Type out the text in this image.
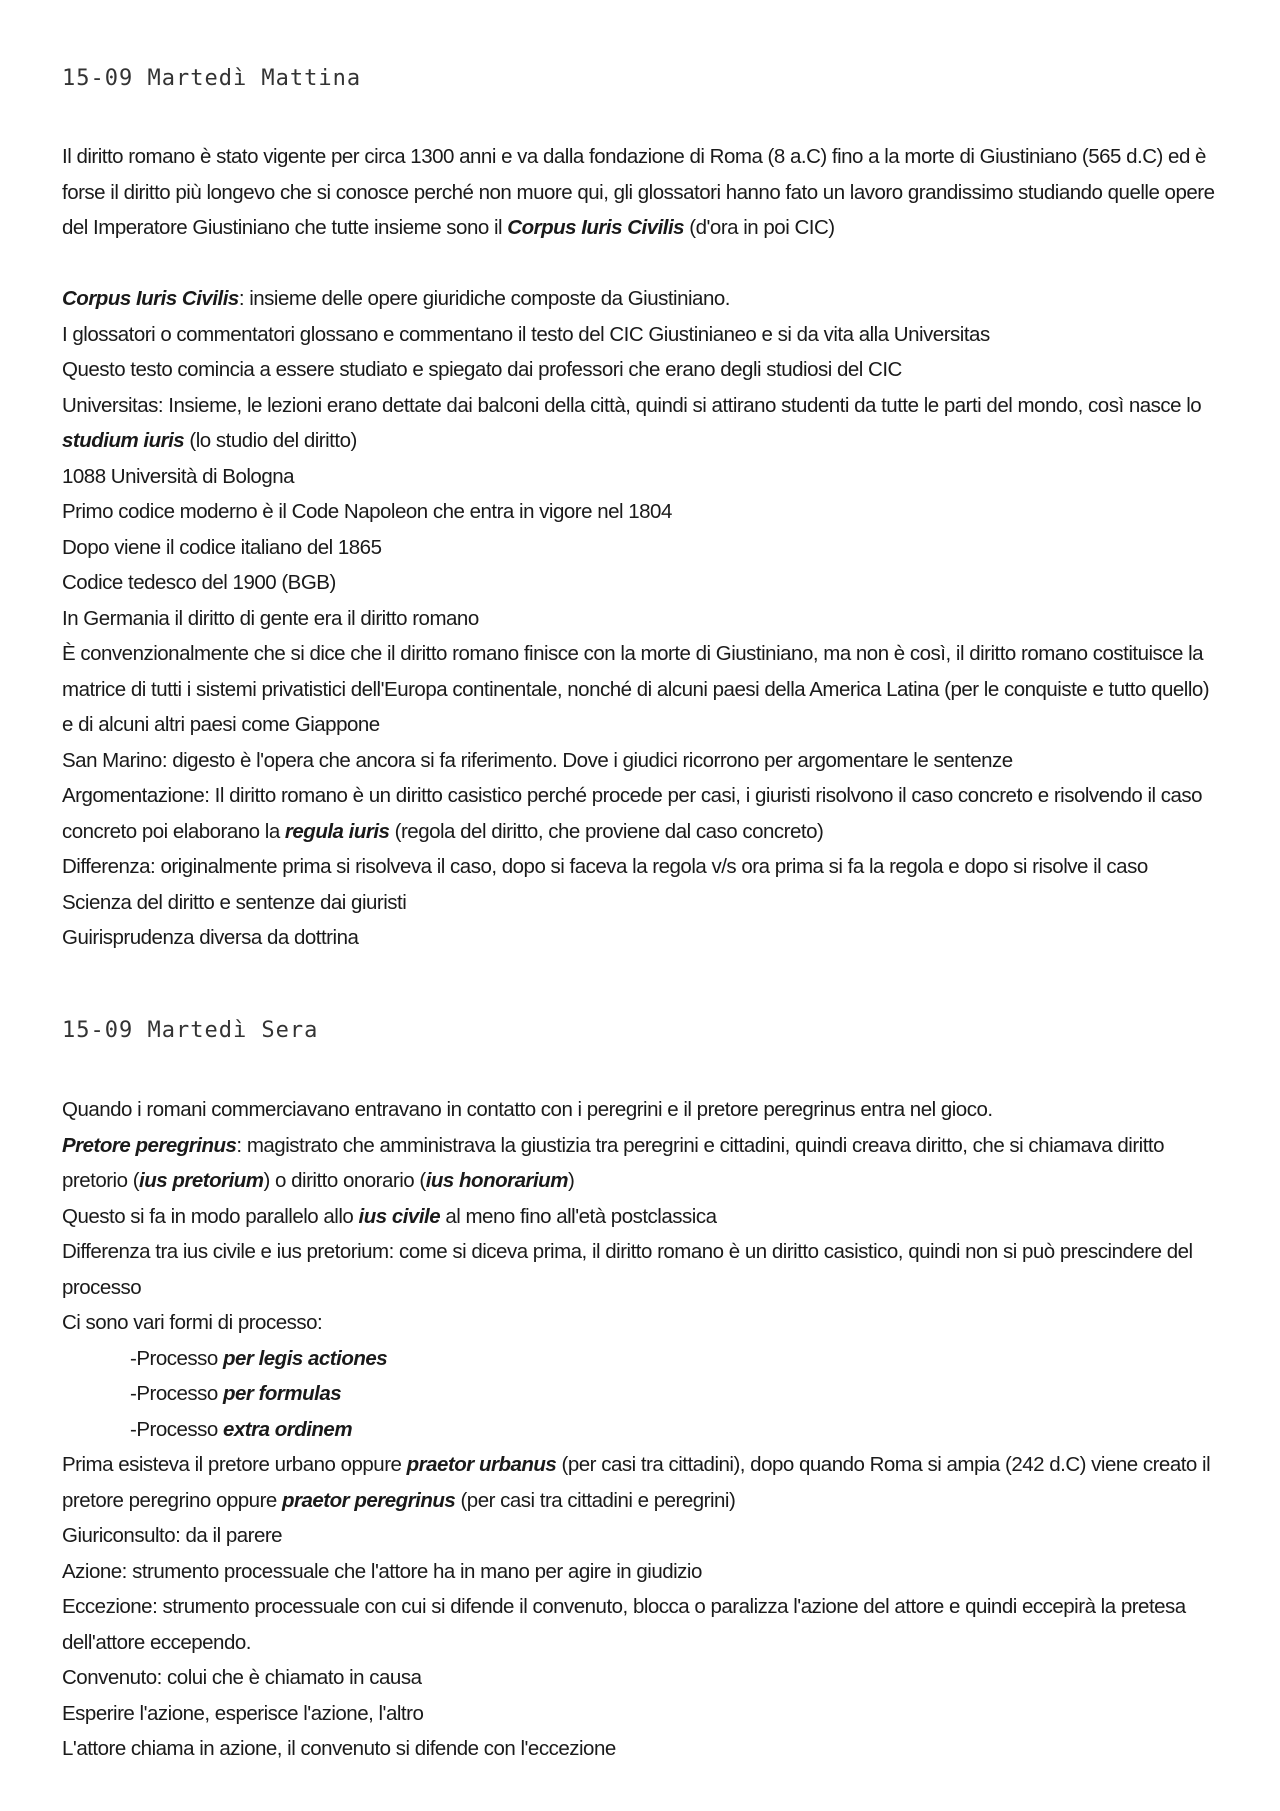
15-09 Martedì Mattina

Il diritto romano è stato vigente per circa 1300 anni e va dalla fondazione di Roma (8 a.C) fino a la morte di Giustiniano (565 d.C) ed è forse il diritto più longevo che si conosce perché non muore qui, gli glossatori hanno fato un lavoro grandissimo studiando quelle opere del Imperatore Giustiniano che tutte insieme sono il Corpus Iuris Civilis (d'ora in poi CIC)

Corpus Iuris Civilis: insieme delle opere giuridiche composte da Giustiniano.

I glossatori o commentatori glossano e commentano il testo del CIC Giustinianeo e si da vita alla Universitas

Questo testo comincia a essere studiato e spiegato dai professori che erano degli studiosi del CIC

Universitas: Insieme, le lezioni erano dettate dai balconi della città, quindi si attirano studenti da tutte le parti del mondo, così nasce lo studium iuris (lo studio del diritto)

1088 Università di Bologna

Primo codice moderno è il Code Napoleon che entra in vigore nel 1804

Dopo viene il codice italiano del 1865

Codice tedesco del 1900 (BGB)

In Germania il diritto di gente era il diritto romano

È convenzionalmente che si dice che il diritto romano finisce con la morte di Giustiniano, ma non è così, il diritto romano costituisce la matrice di tutti i sistemi privatistici dell'Europa continentale, nonché di alcuni paesi della America Latina (per le conquiste e tutto quello) e di alcuni altri paesi come Giappone

San Marino: digesto è l'opera che ancora si fa riferimento. Dove i giudici ricorrono per argomentare le sentenze

Argomentazione: Il diritto romano è un diritto casistico perché procede per casi, i giuristi risolvono il caso concreto e risolvendo il caso concreto poi elaborano la regula iuris (regola del diritto, che proviene dal caso concreto)

Differenza: originalmente prima si risolveva il caso, dopo si faceva la regola v/s ora prima si fa la regola e dopo si risolve il caso

Scienza del diritto e sentenze dai giuristi

Guirisprudenza diversa da dottrina

15-09 Martedì Sera

Quando i romani commerciavano entravano in contatto con i peregrini e il pretore peregrinus entra nel gioco.

Pretore peregrinus: magistrato che amministrava la giustizia tra peregrini e cittadini, quindi creava diritto, che si chiamava diritto pretorio (ius pretorium) o diritto onorario (ius honorarium)

Questo si fa in modo parallelo allo ius civile al meno fino all'età postclassica

Differenza tra ius civile e ius pretorium: come si diceva prima, il diritto romano è un diritto casistico, quindi non si può prescindere del processo

Ci sono vari formi di processo:

-Processo per legis actiones

-Processo per formulas

-Processo extra ordinem

Prima esisteva il pretore urbano oppure praetor urbanus (per casi tra cittadini), dopo quando Roma si ampia (242 d.C) viene creato il pretore peregrino oppure praetor peregrinus (per casi tra cittadini e peregrini)

Giuriconsulto: da il parere

Azione: strumento processuale che l'attore ha in mano per agire in giudizio

Eccezione: strumento processuale con cui si difende il convenuto, blocca o paralizza l'azione del attore e quindi eccepirà la pretesa dell'attore eccependo.

Convenuto: colui che è chiamato in causa

Esperire l'azione, esperisce l'azione, l'altro

L'attore chiama in azione, il convenuto si difende con l'eccezione
